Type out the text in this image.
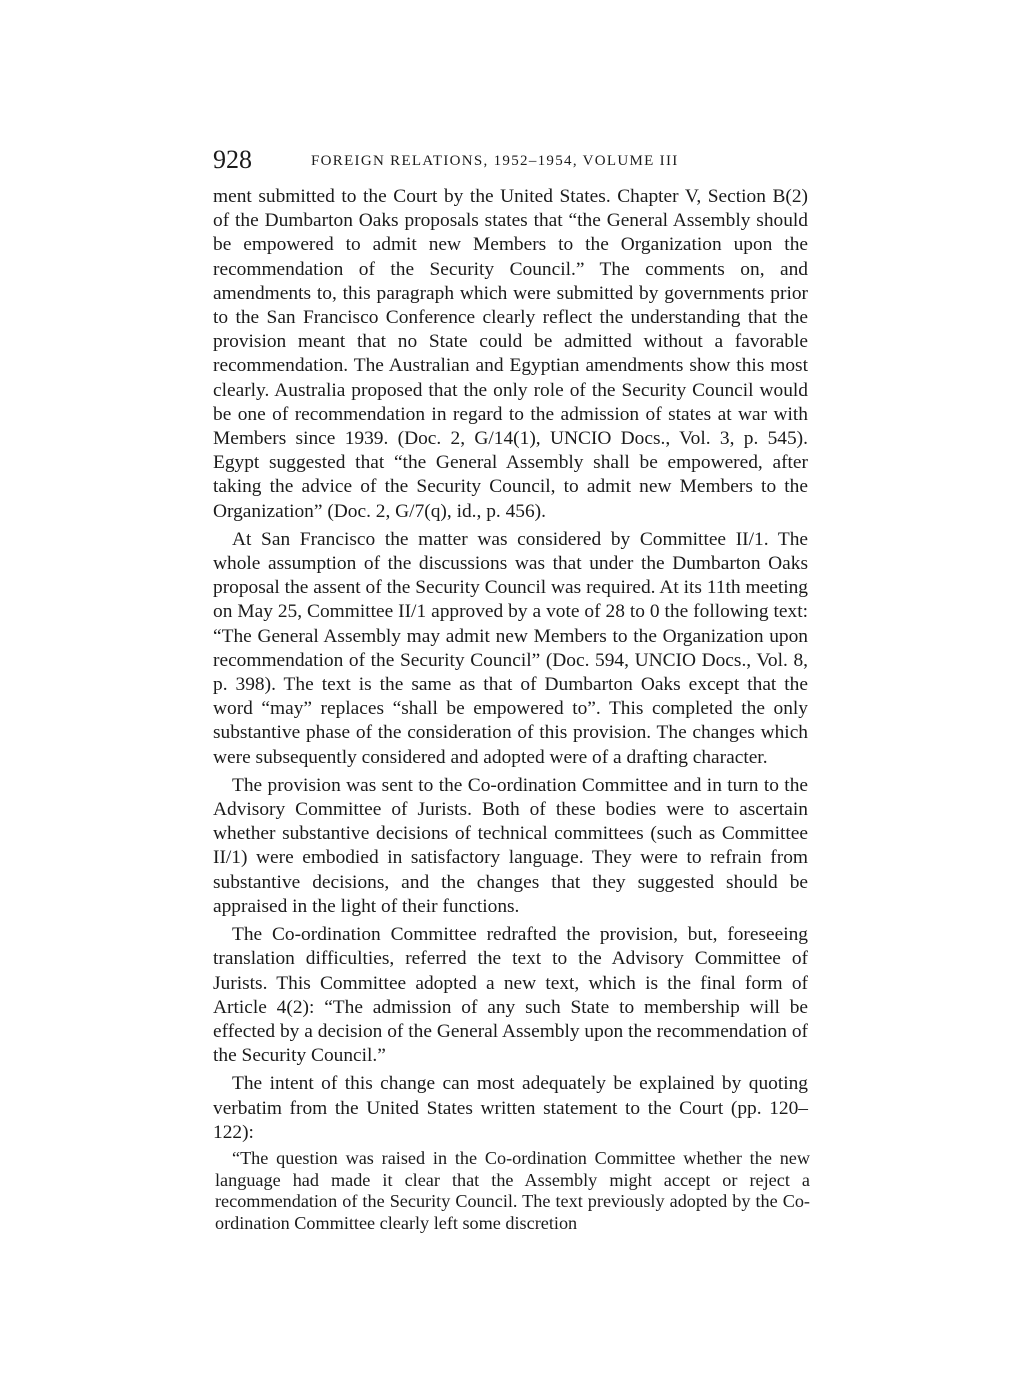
928	FOREIGN RELATIONS, 1952–1954, VOLUME III

ment submitted to the Court by the United States. Chapter V, Section B(2) of the Dumbarton Oaks proposals states that “the General Assembly should be empowered to admit new Members to the Organization upon the recommendation of the Security Council.” The comments on, and amendments to, this paragraph which were submitted by governments prior to the San Francisco Conference clearly reflect the understanding that the provision meant that no State could be admitted without a favorable recommendation. The Australian and Egyptian amendments show this most clearly. Australia proposed that the only role of the Security Council would be one of recommendation in regard to the admission of states at war with Members since 1939. (Doc. 2, G/14(1), UNCIO Docs., Vol. 3, p. 545). Egypt suggested that “the General Assembly shall be empowered, after taking the advice of the Security Council, to admit new Members to the Organization” (Doc. 2, G/7(q), id., p. 456).

At San Francisco the matter was considered by Committee II/1. The whole assumption of the discussions was that under the Dumbarton Oaks proposal the assent of the Security Council was required. At its 11th meeting on May 25, Committee II/1 approved by a vote of 28 to 0 the following text: “The General Assembly may admit new Members to the Organization upon recommendation of the Security Council” (Doc. 594, UNCIO Docs., Vol. 8, p. 398). The text is the same as that of Dumbarton Oaks except that the word “may” replaces “shall be empowered to”. This completed the only substantive phase of the consideration of this provision. The changes which were subsequently considered and adopted were of a drafting character.

The provision was sent to the Co-ordination Committee and in turn to the Advisory Committee of Jurists. Both of these bodies were to ascertain whether substantive decisions of technical committees (such as Committee II/1) were embodied in satisfactory language. They were to refrain from substantive decisions, and the changes that they suggested should be appraised in the light of their functions.

The Co-ordination Committee redrafted the provision, but, foreseeing translation difficulties, referred the text to the Advisory Committee of Jurists. This Committee adopted a new text, which is the final form of Article 4(2): “The admission of any such State to membership will be effected by a decision of the General Assembly upon the recommendation of the Security Council.”

The intent of this change can most adequately be explained by quoting verbatim from the United States written statement to the Court (pp. 120–122):

“The question was raised in the Co-ordination Committee whether the new language had made it clear that the Assembly might accept or reject a recommendation of the Security Council. The text previously adopted by the Co-ordination Committee clearly left some discretion
